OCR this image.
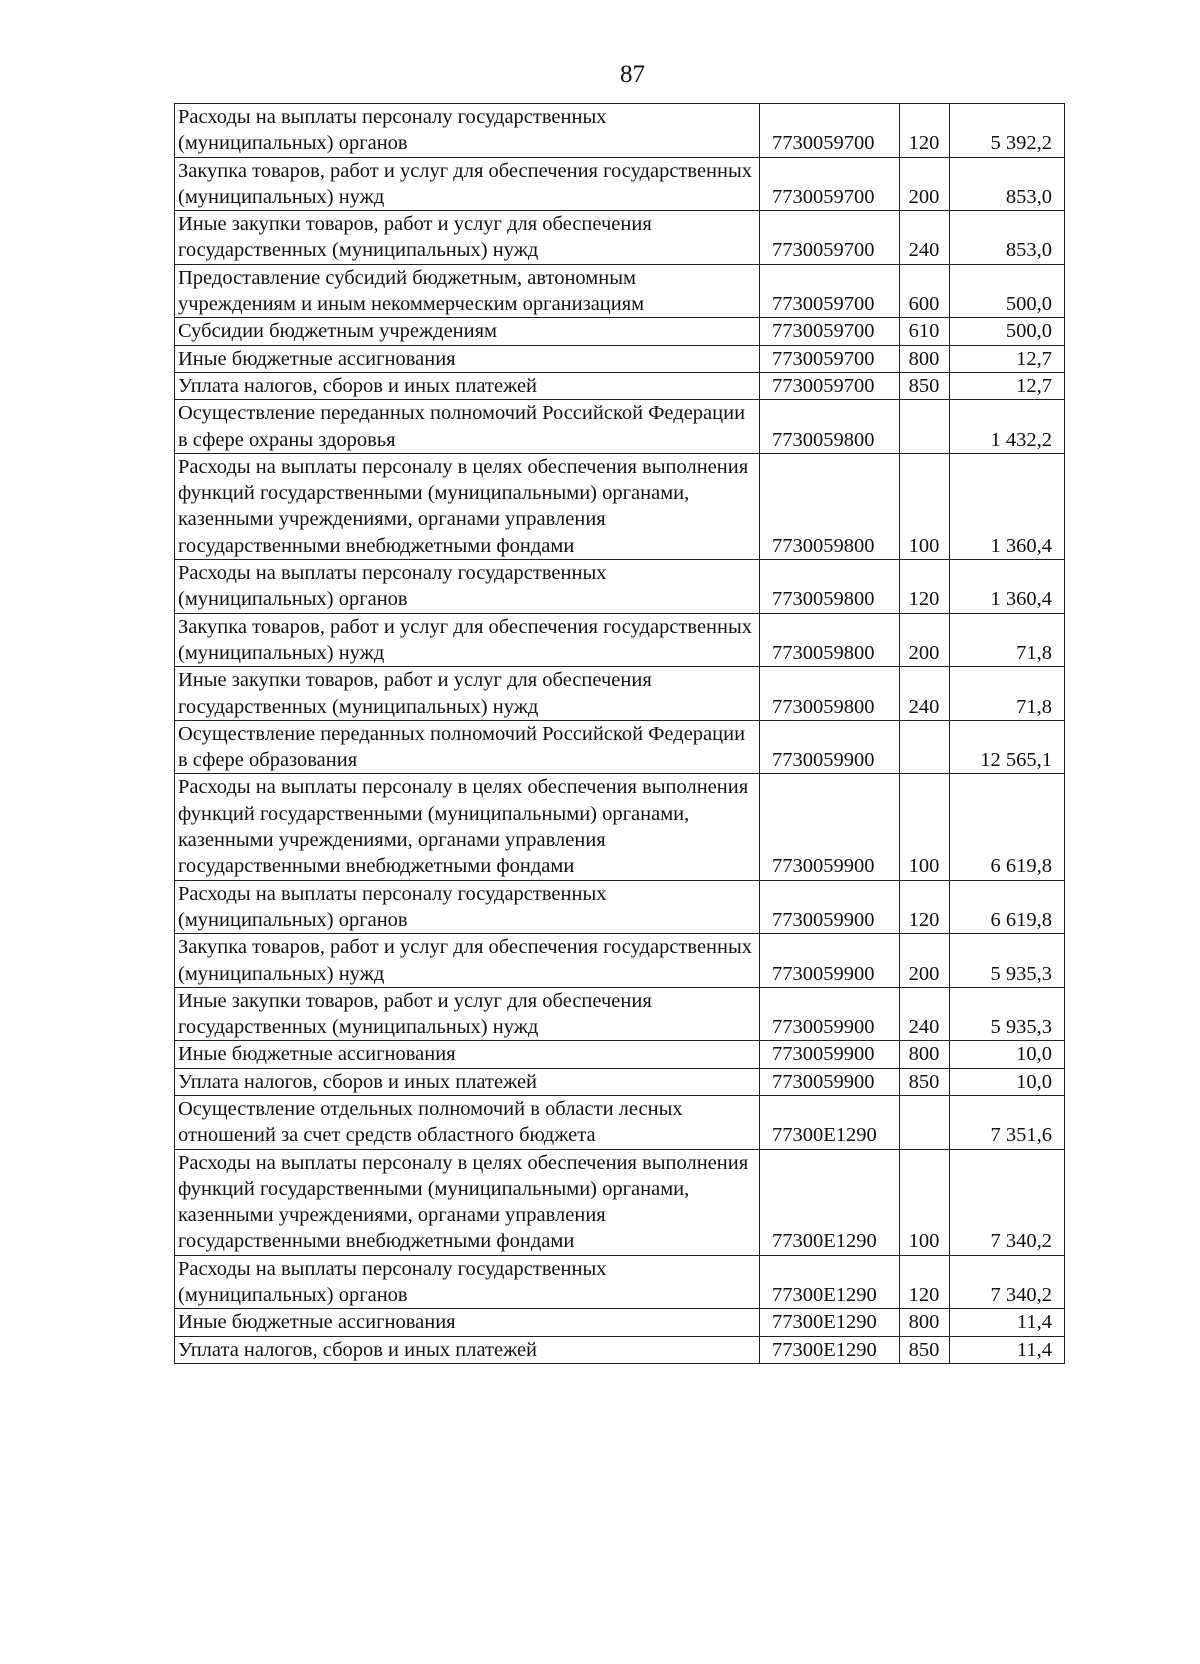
87
Расходы на выплаты персоналу государственных (муниципальных) органов	7730059700	120	5 392,2
Закупка товаров, работ и услуг для обеспечения государственных (муниципальных) нужд	7730059700	200	853,0
Иные закупки товаров, работ и услуг для обеспечения государственных (муниципальных) нужд	7730059700	240	853,0
Предоставление субсидий бюджетным, автономным учреждениям и иным некоммерческим организациям	7730059700	600	500,0
Субсидии бюджетным учреждениям	7730059700	610	500,0
Иные бюджетные ассигнования	7730059700	800	12,7
Уплата налогов, сборов и иных платежей	7730059700	850	12,7
Осуществление переданных полномочий Российской Федерации в сфере охраны здоровья	7730059800		1 432,2
Расходы на выплаты персоналу в целях обеспечения выполнения функций государственными (муниципальными) органами, казенными учреждениями, органами управления государственными внебюджетными фондами	7730059800	100	1 360,4
Расходы на выплаты персоналу государственных (муниципальных) органов	7730059800	120	1 360,4
Закупка товаров, работ и услуг для обеспечения государственных (муниципальных) нужд	7730059800	200	71,8
Иные закупки товаров, работ и услуг для обеспечения государственных (муниципальных) нужд	7730059800	240	71,8
Осуществление переданных полномочий Российской Федерации в сфере образования	7730059900		12 565,1
Расходы на выплаты персоналу в целях обеспечения выполнения функций государственными (муниципальными) органами, казенными учреждениями, органами управления государственными внебюджетными фондами	7730059900	100	6 619,8
Расходы на выплаты персоналу государственных (муниципальных) органов	7730059900	120	6 619,8
Закупка товаров, работ и услуг для обеспечения государственных (муниципальных) нужд	7730059900	200	5 935,3
Иные закупки товаров, работ и услуг для обеспечения государственных (муниципальных) нужд	7730059900	240	5 935,3
Иные бюджетные ассигнования	7730059900	800	10,0
Уплата налогов, сборов и иных платежей	7730059900	850	10,0
Осуществление отдельных полномочий в области лесных отношений за счет средств областного бюджета	77300E1290		7 351,6
Расходы на выплаты персоналу в целях обеспечения выполнения функций государственными (муниципальными) органами, казенными учреждениями, органами управления государственными внебюджетными фондами	77300E1290	100	7 340,2
Расходы на выплаты персоналу государственных (муниципальных) органов	77300E1290	120	7 340,2
Иные бюджетные ассигнования	77300E1290	800	11,4
Уплата налогов, сборов и иных платежей	77300E1290	850	11,4
